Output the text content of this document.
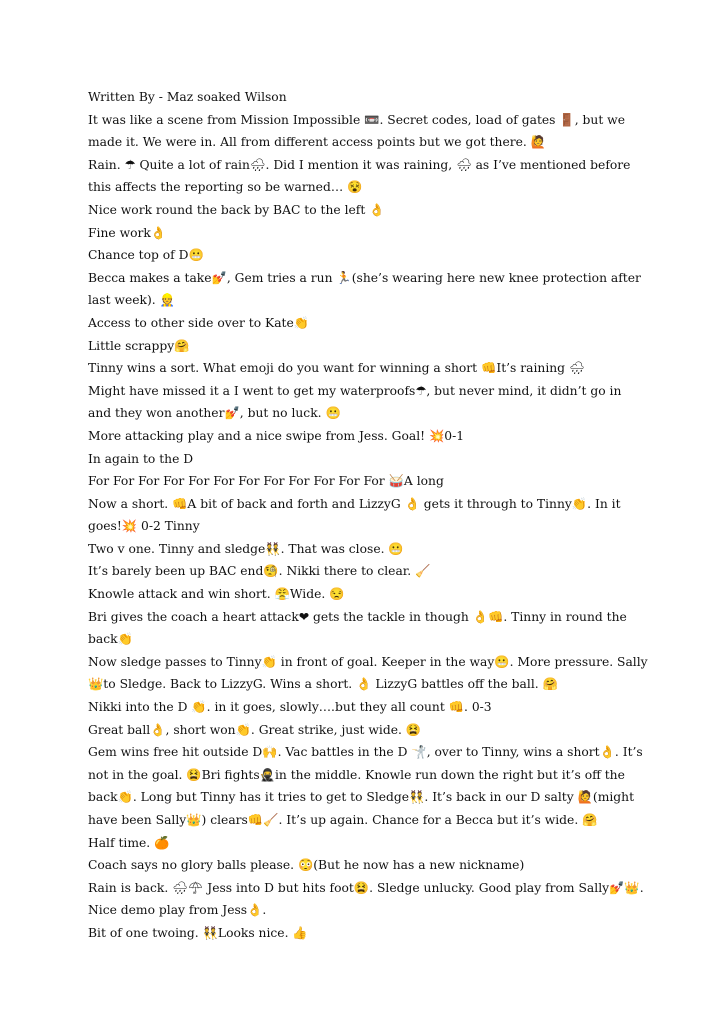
Written By - Maz soaked Wilson

It was like a scene from Mission Impossible 📼. Secret codes, load of gates 🚪, but we made it. We were in. All from different access points but we got there. 🙋

Rain. ☂ Quite a lot of rain🌧. Did I mention it was raining, 🌧 as I’ve mentioned before this affects the reporting so be warned… 😵

Nice work round the back by BAC to the left 👌

Fine work👌

Chance top of D😬

Becca makes a take💅, Gem tries a run 🏃(she’s wearing here new knee protection after last week). 👷

Access to other side over to Kate👏

Little scrappy🤗

Tinny wins a sort. What emoji do you want for winning a short 👊It’s raining 🌧

Might have missed it a I went to get my waterproofs☂, but never mind, it didn’t go in and they won another💅, but no luck. 😬

More attacking play and a nice swipe from Jess. Goal! 💥0-1

In again to the D

For For For For For For For For For For For For 🥁A long

Now a short. 👊A bit of back and forth and LizzyG 👌 gets it through to Tinny👏. In it goes!💥 0-2 Tinny

Two v one. Tinny and sledge👯. That was close. 😬

It’s barely been up BAC end🧐. Nikki there to clear. 🧹

Knowle attack and win short. 😤Wide. 😒

Bri gives the coach a heart attack❤ gets the tackle in though 👌👊. Tinny in round the back👏

Now sledge passes to Tinny👏 in front of goal. Keeper in the way😬. More pressure. Sally 👑to Sledge. Back to LizzyG. Wins a short. 👌 LizzyG battles off the ball. 🤗

Nikki into the D 👏. in it goes, slowly….but they all count 👊. 0-3

Great ball👌, short won👏. Great strike, just wide. 😫

Gem wins free hit outside D🙌. Vac battles in the D 🤺, over to Tinny, wins a short👌. It’s not in the goal. 😫Bri fights🥷in the middle. Knowle run down the right but it’s off the back👏. Long but Tinny has it tries to get to Sledge👯. It’s back in our D salty 🙋(might have been Sally👑) clears👊🧹. It’s up again. Chance for a Becca but it’s wide. 🤗

Half time. 🍊

Coach says no glory balls please. 😳(But he now has a new nickname)

Rain is back. 🌧☂ Jess into D but hits foot😫. Sledge unlucky. Good play from Sally💅👑.

Nice demo play from Jess👌.

Bit of one twoing. 👯Looks nice. 👍
